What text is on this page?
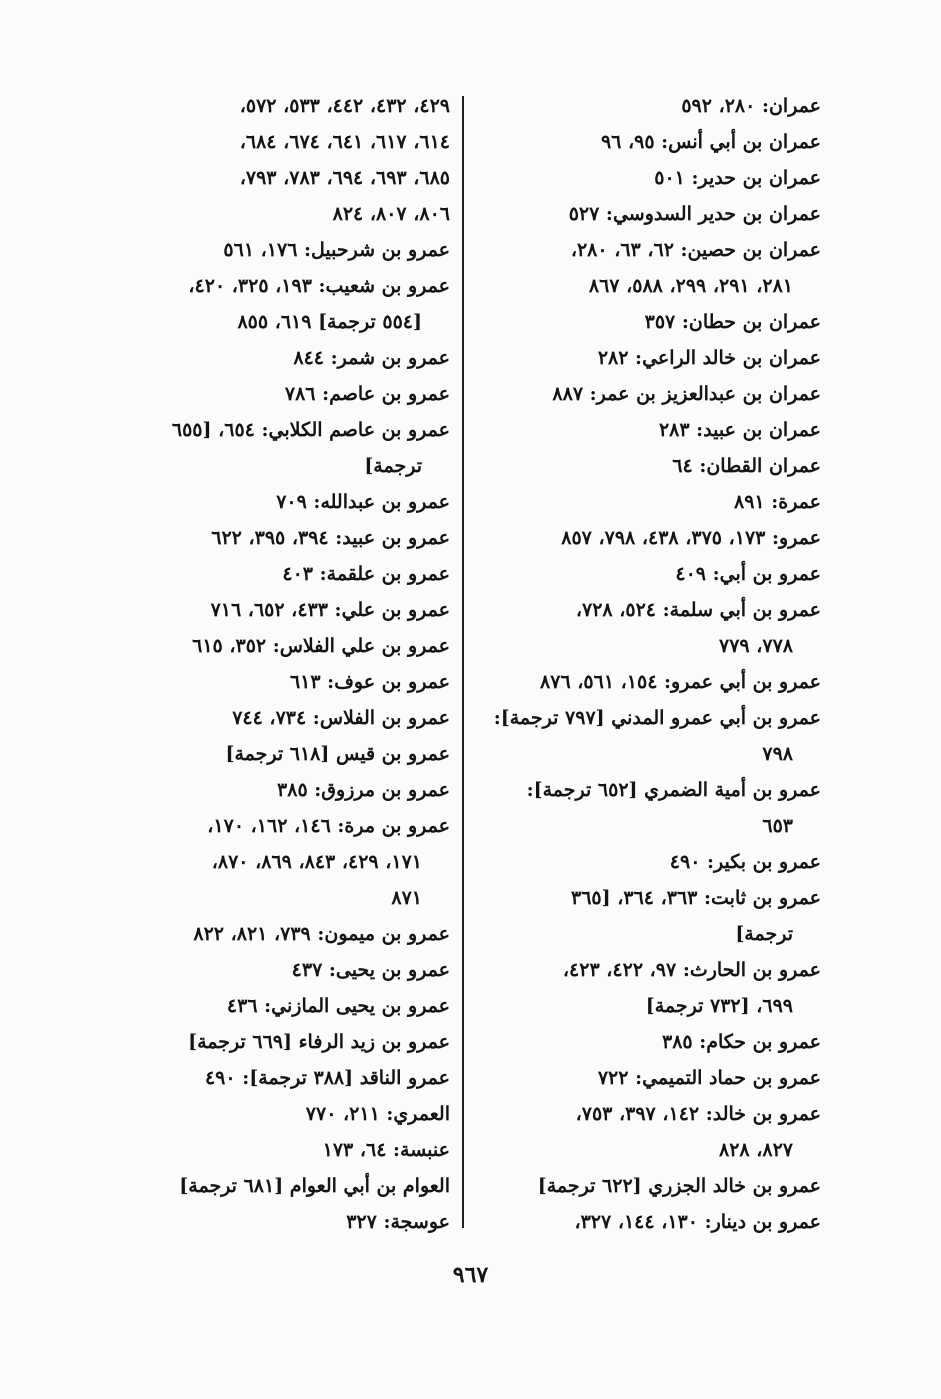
عمران: ٢٨٠، ٥٩٢
عمران بن أبي أنس: ٩٥، ٩٦
عمران بن حدير: ٥٠١
عمران بن حدير السدوسي: ٥٢٧
عمران بن حصين: ٦٢، ٦٣، ٢٨٠،
٢٨١، ٢٩١، ٢٩٩، ٥٨٨، ٨٦٧
عمران بن حطان: ٣٥٧
عمران بن خالد الراعي: ٢٨٢
عمران بن عبدالعزيز بن عمر: ٨٨٧
عمران بن عبيد: ٢٨٣
عمران القطان: ٦٤
عمرة: ٨٩١
عمرو: ١٧٣، ٣٧٥، ٤٣٨، ٧٩٨، ٨٥٧
عمرو بن أبي: ٤٠٩
عمرو بن أبي سلمة: ٥٢٤، ٧٢٨،
٧٧٨، ٧٧٩
عمرو بن أبي عمرو: ١٥٤، ٥٦١، ٨٧٦
عمرو بن أبي عمرو المدني [٧٩٧ ترجمة]:
٧٩٨
عمرو بن أمية الضمري [٦٥٢ ترجمة]:
٦٥٣
عمرو بن بكير: ٤٩٠
عمرو بن ثابت: ٣٦٣، ٣٦٤، [٣٦٥
ترجمة]
عمرو بن الحارث: ٩٧، ٤٢٢، ٤٢٣،
٦٩٩، [٧٣٢ ترجمة]
عمرو بن حكام: ٣٨٥
عمرو بن حماد التميمي: ٧٢٢
عمرو بن خالد: ١٤٢، ٣٩٧، ٧٥٣،
٨٢٧، ٨٢٨
عمرو بن خالد الجزري [٦٢٢ ترجمة]
عمرو بن دينار: ١٣٠، ١٤٤، ٣٢٧،
٤٢٩، ٤٣٢، ٤٤٢، ٥٣٣، ٥٧٢،
٦١٤، ٦١٧، ٦٤١، ٦٧٤، ٦٨٤،
٦٨٥، ٦٩٣، ٦٩٤، ٧٨٣، ٧٩٣،
٨٠٦، ٨٠٧، ٨٢٤
عمرو بن شرحبيل: ١٧٦، ٥٦١
عمرو بن شعيب: ١٩٣، ٣٢٥، ٤٢٠،
[٥٥٤ ترجمة] ٦١٩، ٨٥٥
عمرو بن شمر: ٨٤٤
عمرو بن عاصم: ٧٨٦
عمرو بن عاصم الكلابي: ٦٥٤، [٦٥٥
ترجمة]
عمرو بن عبدالله: ٧٠٩
عمرو بن عبيد: ٣٩٤، ٣٩٥، ٦٢٢
عمرو بن علقمة: ٤٠٣
عمرو بن علي: ٤٣٣، ٦٥٢، ٧١٦
عمرو بن علي الفلاس: ٣٥٢، ٦١٥
عمرو بن عوف: ٦١٣
عمرو بن الفلاس: ٧٣٤، ٧٤٤
عمرو بن قيس [٦١٨ ترجمة]
عمرو بن مرزوق: ٣٨٥
عمرو بن مرة: ١٤٦، ١٦٢، ١٧٠،
١٧١، ٤٢٩، ٨٤٣، ٨٦٩، ٨٧٠،
٨٧١
عمرو بن ميمون: ٧٣٩، ٨٢١، ٨٢٢
عمرو بن يحيى: ٤٣٧
عمرو بن يحيى المازني: ٤٣٦
عمرو بن زيد الرفاء [٦٦٩ ترجمة]
عمرو الناقد [٣٨٨ ترجمة]: ٤٩٠
العمري: ٢١١، ٧٧٠
عنبسة: ٦٤، ١٧٣
العوام بن أبي العوام [٦٨١ ترجمة]
عوسجة: ٣٢٧
٩٦٧
